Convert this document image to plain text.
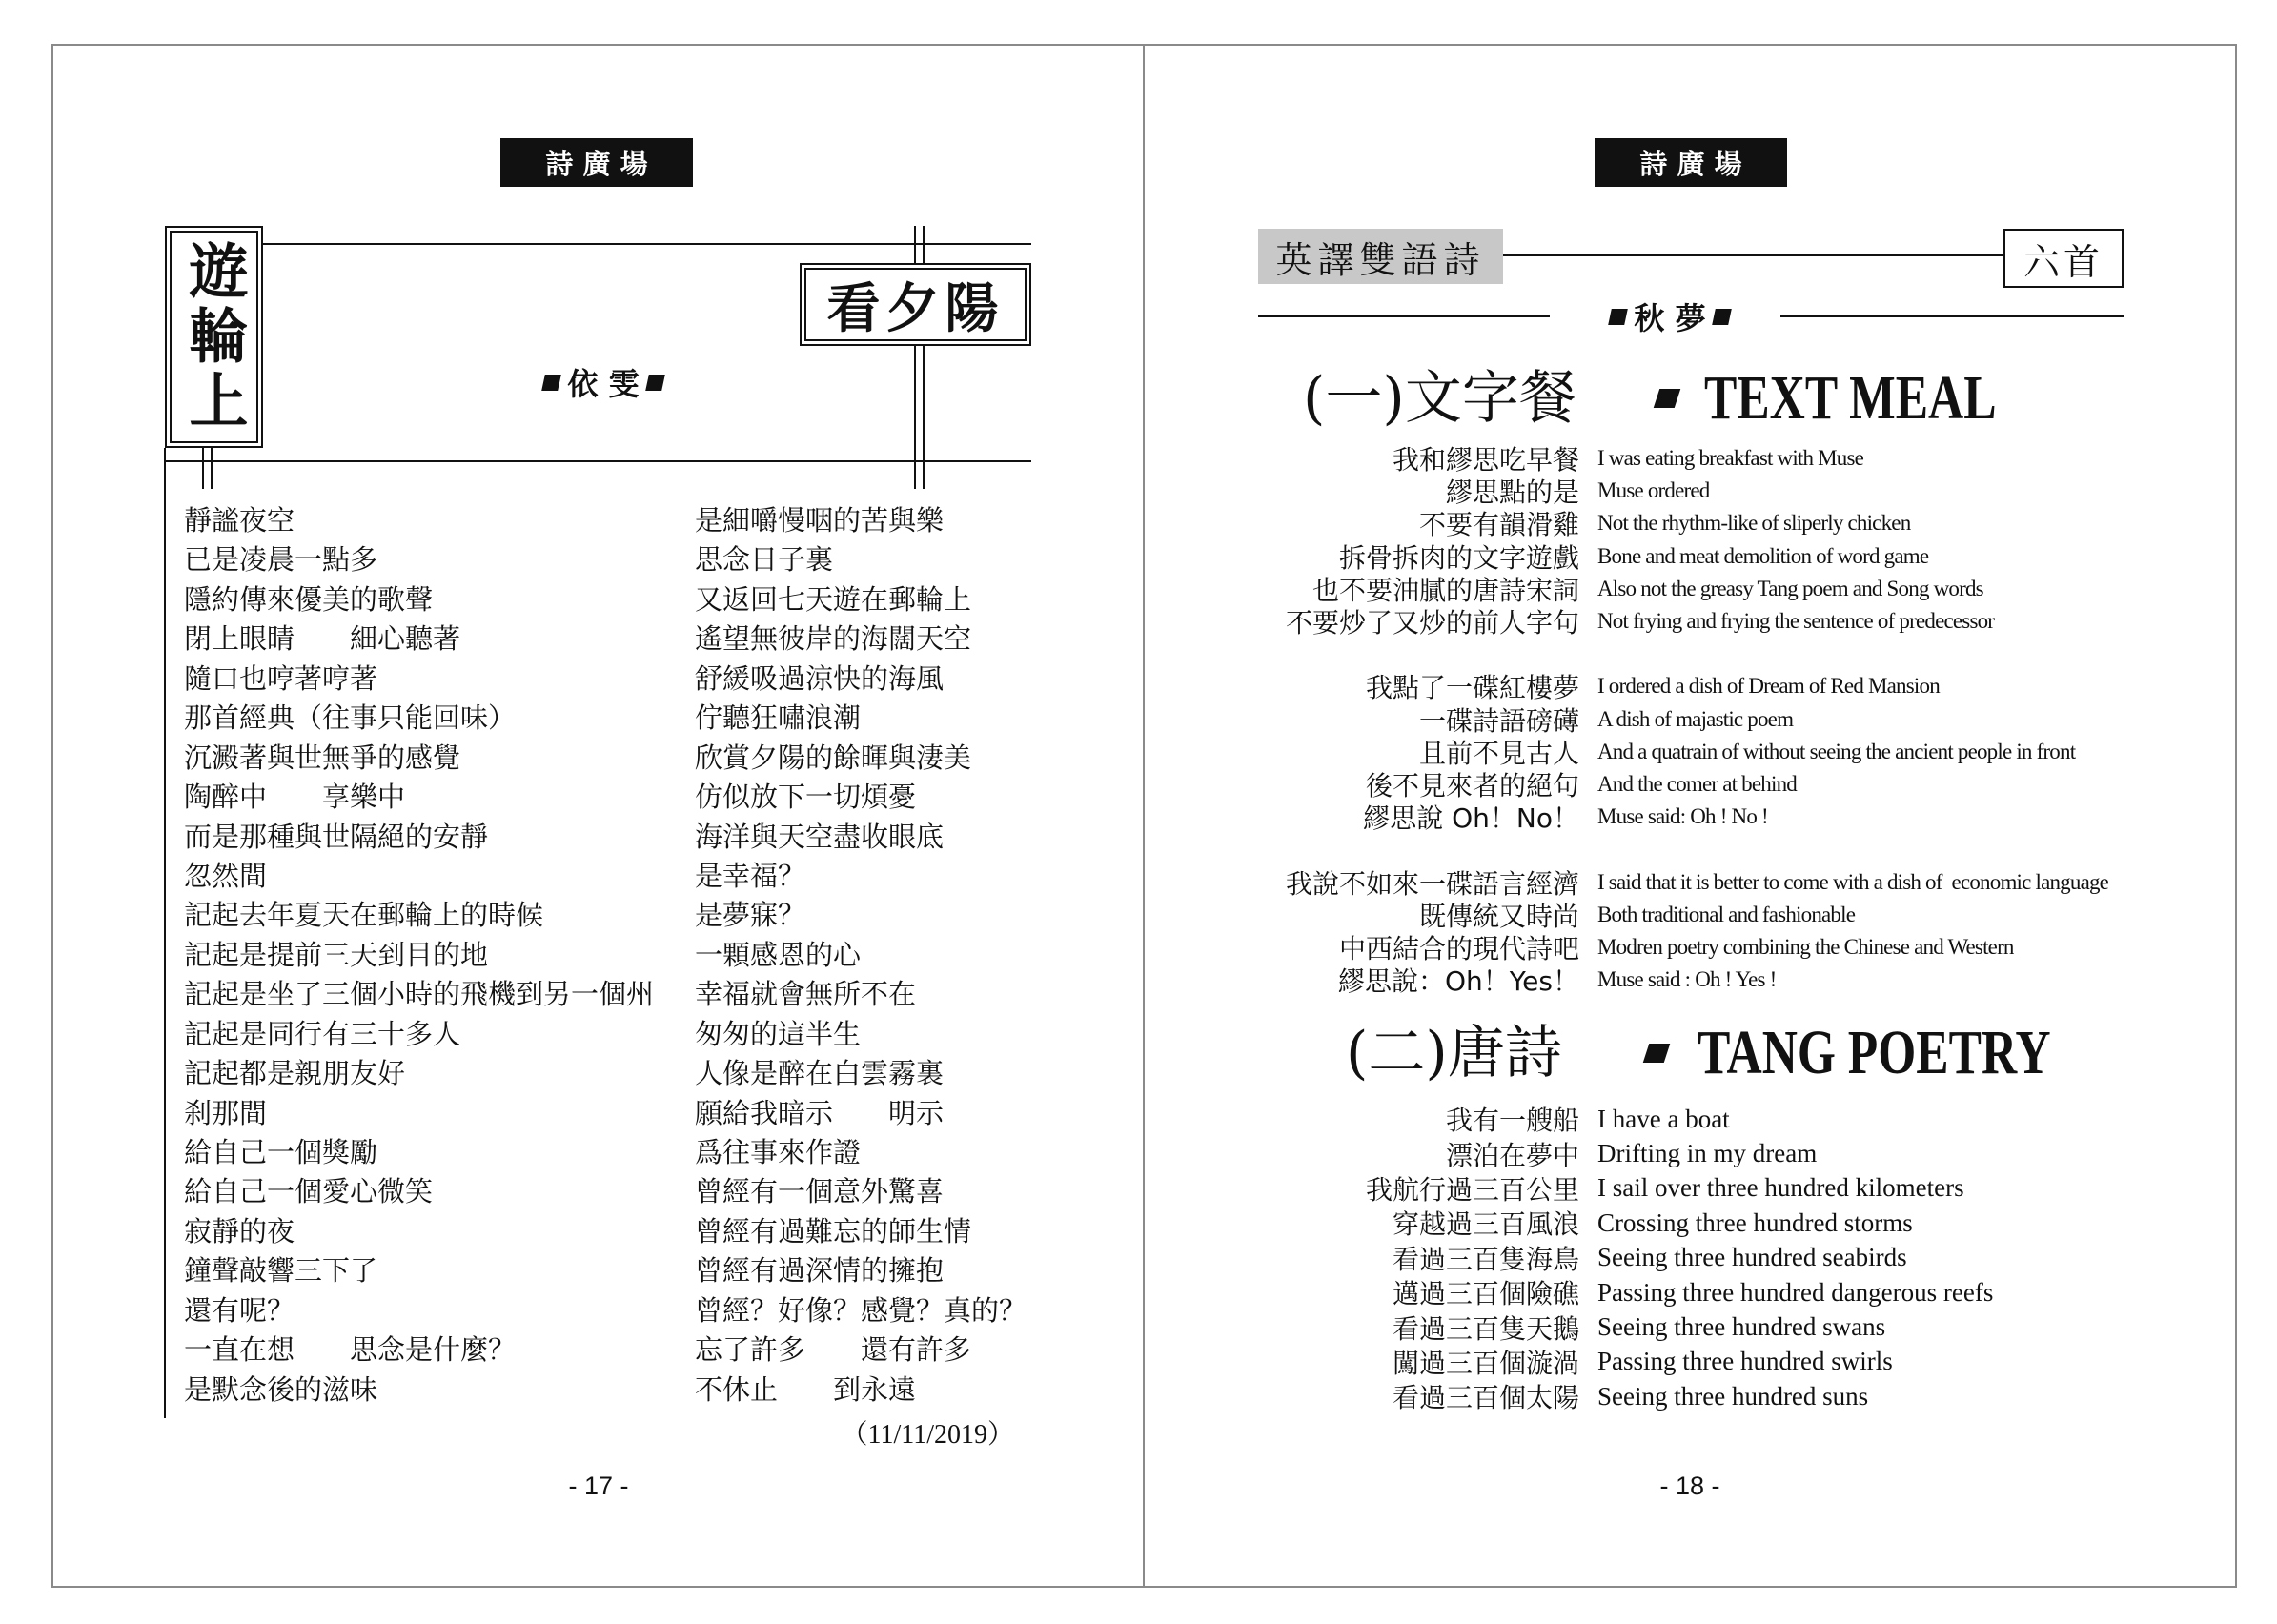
詩 廣 場
遊輪上	看夕陽
依 雯
靜謐夜空
已是凌晨一點多
隱約傳來優美的歌聲
閉上眼睛　　細心聽著
隨口也哼著哼著
那首經典（往事只能回味）
沉澱著與世無爭的感覺
陶醉中　　享樂中
而是那種與世隔絕的安靜
忽然間
記起去年夏天在郵輪上的時候
記起是提前三天到目的地
記起是坐了三個小時的飛機到另一個州
記起是同行有三十多人
記起都是親朋友好
刹那間
給自己一個獎勵
給自己一個愛心微笑
寂靜的夜
鐘聲敲響三下了
還有呢？
一直在想　　思念是什麼？
是默念後的滋味
是細嚼慢咽的苦與樂
思念日子裏
又返回七天遊在郵輪上
遙望無彼岸的海闊天空
舒緩吸過涼快的海風
佇聽狂嘯浪潮
欣賞夕陽的餘暉與淒美
仿似放下一切煩憂
海洋與天空盡收眼底
是幸福？
是夢寐？
一顆感恩的心
幸福就會無所不在
匆匆的這半生
人像是醉在白雲霧裏
願給我暗示　　明示
爲往事來作證
曾經有一個意外驚喜
曾經有過難忘的師生情
曾經有過深情的擁抱
曾經？好像？感覺？真的？
忘了許多　　還有許多
不休止　　到永遠
（11/11/2019）
- 17 -
詩 廣 場
英譯雙語詩	六首
秋 夢
(一)文字餐 TEXT MEAL
我和繆思吃早餐 I was eating breakfast with Muse
繆思點的是 Muse ordered
不要有韻滑雞 Not the rhythm-like of sliperly chicken
拆骨拆肉的文字遊戲 Bone and meat demolition of word game
也不要油膩的唐詩宋詞 Also not the greasy Tang poem and Song words
不要炒了又炒的前人字句 Not frying and frying the sentence of predecessor
我點了一碟紅樓夢 I ordered a dish of Dream of Red Mansion
一碟詩語磅礡 A dish of majastic poem
且前不見古人 And a quatrain of without seeing the ancient people in front
後不見來者的絕句 And the comer at behind
繆思說 Oh！No！ Muse said: Oh ! No !
我說不如來一碟語言經濟 I said that it is better to come with a dish of  economic language
既傳統又時尚 Both traditional and fashionable
中西結合的現代詩吧 Modren poetry combining the Chinese and Western
繆思說：Oh！Yes！ Muse said : Oh ! Yes !
(二)唐詩 TANG POETRY
我有一艘船 I have a boat
漂泊在夢中 Drifting in my dream
我航行過三百公里 I sail over three hundred kilometers
穿越過三百風浪 Crossing three hundred storms
看過三百隻海鳥 Seeing three hundred seabirds
邁過三百個險礁 Passing three hundred dangerous reefs
看過三百隻天鵝 Seeing three hundred swans
闖過三百個漩渦 Passing three hundred swirls
看過三百個太陽 Seeing three hundred suns
- 18 -
